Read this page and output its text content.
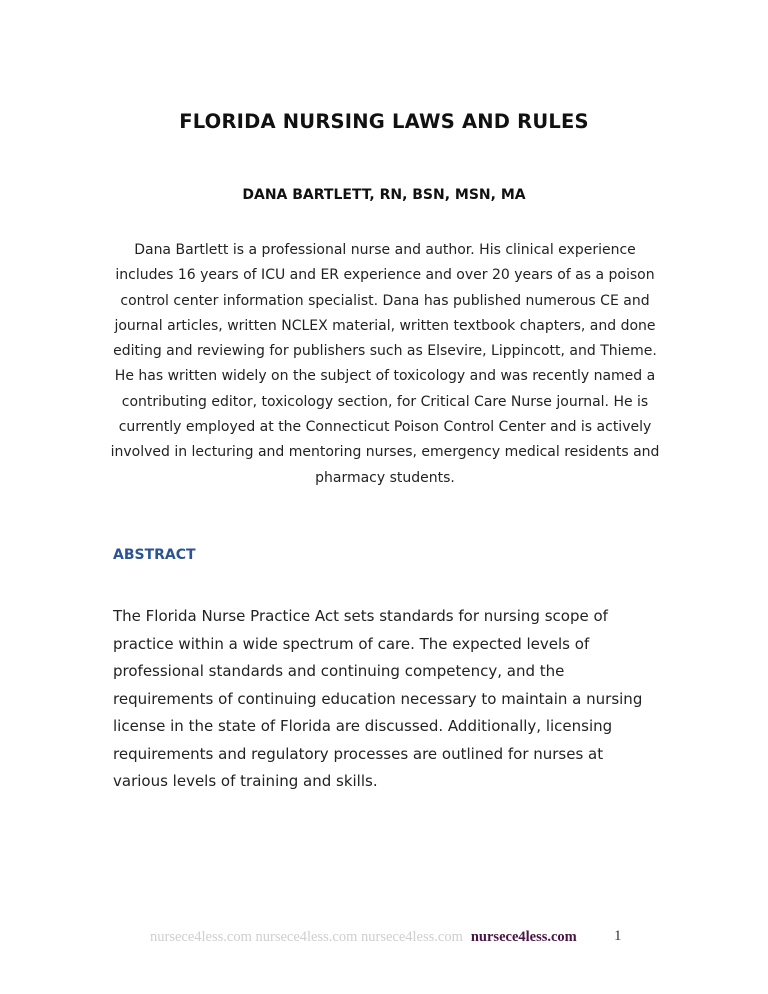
FLORIDA NURSING LAWS AND RULES
DANA BARTLETT, RN, BSN, MSN, MA

Dana Bartlett is a professional nurse and author. His clinical experience
includes 16 years of ICU and ER experience and over 20 years of as a poison
control center information specialist. Dana has published numerous CE and
journal articles, written NCLEX material, written textbook chapters, and done
editing and reviewing for publishers such as Elsevire, Lippincott, and Thieme.
He has written widely on the subject of toxicology and was recently named a
contributing editor, toxicology section, for Critical Care Nurse journal. He is
currently employed at the Connecticut Poison Control Center and is actively
involved in lecturing and mentoring nurses, emergency medical residents and
pharmacy students.

ABSTRACT

The Florida Nurse Practice Act sets standards for nursing scope of
practice within a wide spectrum of care. The expected levels of
professional standards and continuing competency, and the
requirements of continuing education necessary to maintain a nursing
license in the state of Florida are discussed. Additionally, licensing
requirements and regulatory processes are outlined for nurses at
various levels of training and skills.

nursece4less.com nursece4less.com nursece4less.com nursece4less.com 1
